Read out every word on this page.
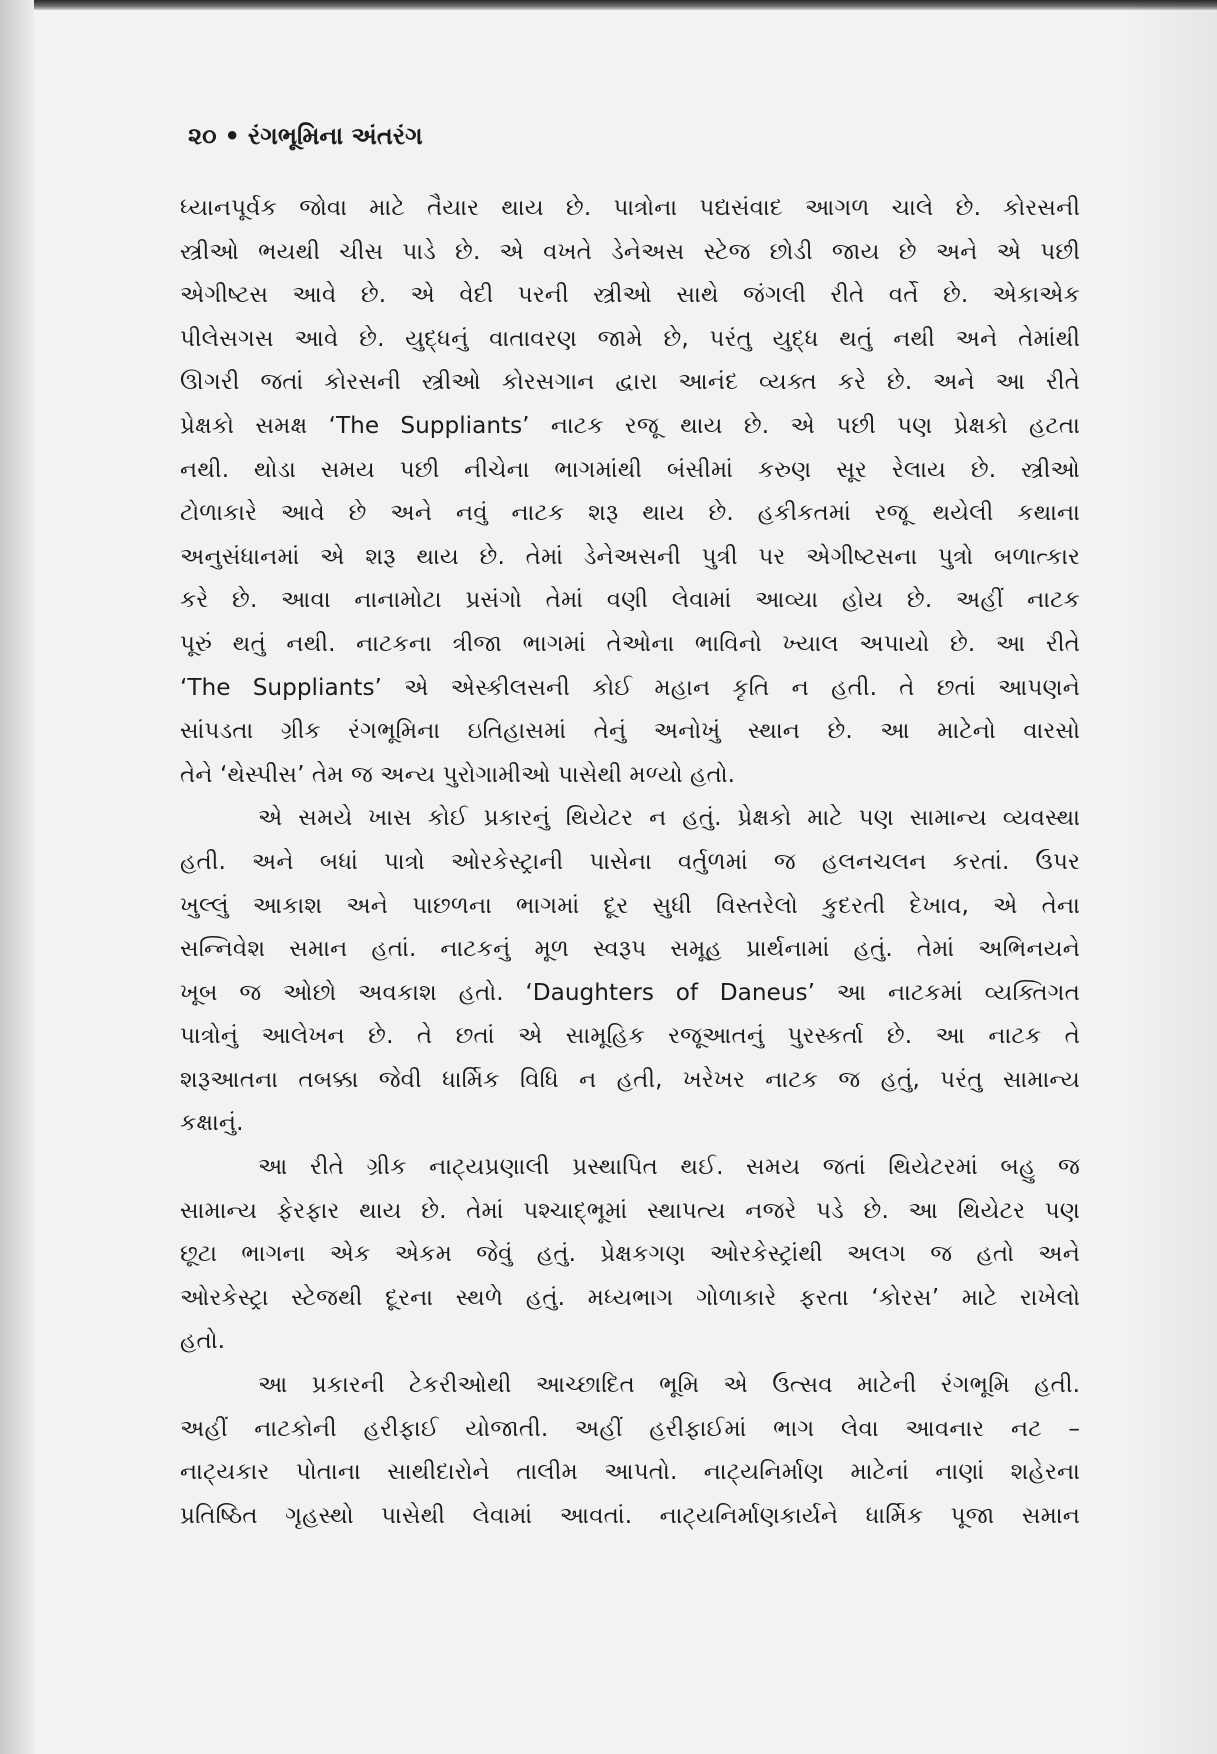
૨૦ • રંગભૂમિના અંતરંગ
ધ્યાનપૂર્વક જોવા માટે તૈયાર થાય છે. પાત્રોના પદ્યસંવાદ આગળ ચાલે છે. કોરસની
સ્ત્રીઓ ભયથી ચીસ પાડે છે. એ વખતે ડેનેઅસ સ્ટેજ છોડી જાય છે અને એ પછી
એગીષ્ટસ આવે છે. એ વેદી પરની સ્ત્રીઓ સાથે જંગલી રીતે વર્તે છે. એકાએક
પીલેસગસ આવે છે. યુદ્ધનું વાતાવરણ જામે છે, પરંતુ યુદ્ધ થતું નથી અને તેમાંથી
ઊગરી જતાં કોરસની સ્ત્રીઓ કોરસગાન દ્વારા આનંદ વ્યક્ત કરે છે. અને આ રીતે
પ્રેક્ષકો સમક્ષ ‘The Suppliants’ નાટક રજૂ થાય છે. એ પછી પણ પ્રેક્ષકો હટતા
નથી. થોડા સમય પછી નીચેના ભાગમાંથી બંસીમાં કરુણ સૂર રેલાય છે. સ્ત્રીઓ
ટોળાકારે આવે છે અને નવું નાટક શરૂ થાય છે. હકીકતમાં રજૂ થયેલી કથાના
અનુસંધાનમાં એ શરૂ થાય છે. તેમાં ડેનેઅસની પુત્રી પર એગીષ્ટસના પુત્રો બળાત્કાર
કરે છે. આવા નાનામોટા પ્રસંગો તેમાં વણી લેવામાં આવ્યા હોય છે. અહીં નાટક
પૂરું થતું નથી. નાટકના ત્રીજા ભાગમાં તેઓના ભાવિનો ખ્યાલ અપાયો છે. આ રીતે
‘The Suppliants’ એ એસ્કીલસની કોઈ મહાન કૃતિ ન હતી. તે છતાં આપણને
સાંપડતા ગ્રીક રંગભૂમિના ઇતિહાસમાં તેનું અનોખું સ્થાન છે. આ માટેનો વારસો
તેને ‘થેસ્પીસ’ તેમ જ અન્ય પુરોગામીઓ પાસેથી મળ્યો હતો.
એ સમયે ખાસ કોઈ પ્રકારનું થિયેટર ન હતું. પ્રેક્ષકો માટે પણ સામાન્ય વ્યવસ્થા
હતી. અને બધાં પાત્રો ઓરકેસ્ટ્રાની પાસેના વર્તુળમાં જ હલનચલન કરતાં. ઉપર
ખુલ્લું આકાશ અને પાછળના ભાગમાં દૂર સુધી વિસ્તરેલો કુદરતી દેખાવ, એ તેના
સન્નિવેશ સમાન હતાં. નાટકનું મૂળ સ્વરૂપ સમૂહ પ્રાર્થનામાં હતું. તેમાં અભિનયને
ખૂબ જ ઓછો અવકાશ હતો. ‘Daughters of Daneus’ આ નાટકમાં વ્યક્તિગત
પાત્રોનું આલેખન છે. તે છતાં એ સામૂહિક રજૂઆતનું પુરસ્કર્તા છે. આ નાટક તે
શરૂઆતના તબક્કા જેવી ધાર્મિક વિધિ ન હતી, ખરેખર નાટક જ હતું, પરંતુ સામાન્ય
કક્ષાનું.
આ રીતે ગ્રીક નાટ્યપ્રણાલી પ્રસ્થાપિત થઈ. સમય જતાં થિયેટરમાં બહુ જ
સામાન્ય ફેરફાર થાય છે. તેમાં પશ્ચાદ્ભૂમાં સ્થાપત્ય નજરે પડે છે. આ થિયેટર પણ
છૂટા ભાગના એક એકમ જેવું હતું. પ્રેક્ષકગણ ઓરકેસ્ટ્રાંથી અલગ જ હતો અને
ઓરકેસ્ટ્રા સ્ટેજથી દૂરના સ્થળે હતું. મધ્યભાગ ગોળાકારે ફરતા ‘કોરસ’ માટે રાખેલો
હતો.
આ પ્રકારની ટેકરીઓથી આચ્છાદિત ભૂમિ એ ઉત્સવ માટેની રંગભૂમિ હતી.
અહીં નાટકોની હરીફાઈ યોજાતી. અહીં હરીફાઈમાં ભાગ લેવા આવનાર નટ –
નાટ્યકાર પોતાના સાથીદારોને તાલીમ આપતો. નાટ્યનિર્માણ માટેનાં નાણાં શહેરના
પ્રતિષ્ઠિત ગૃહસ્થો પાસેથી લેવામાં આવતાં. નાટ્યનિર્માણકાર્યને ધાર્મિક પૂજા સમાન
